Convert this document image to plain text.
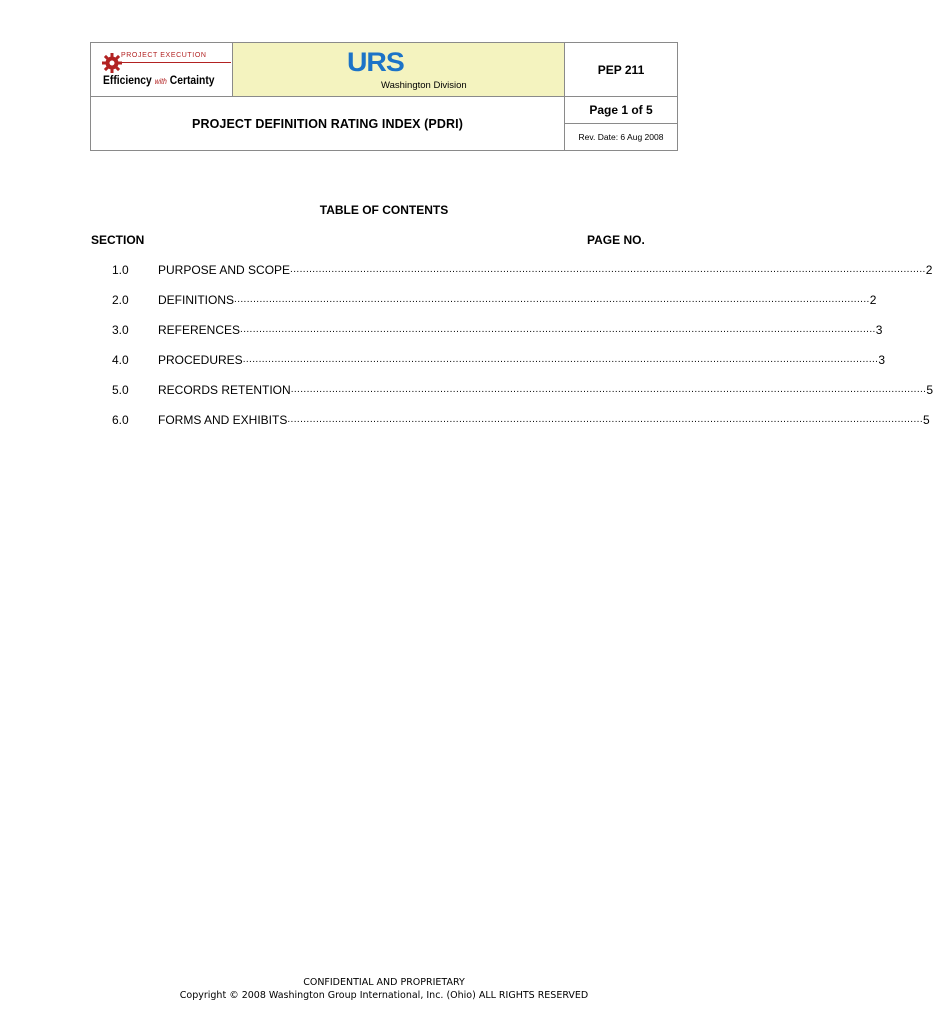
PROJECT EXECUTION
Efficiency with Certainty
URS
Washington Division
PEP 211
PROJECT DEFINITION RATING INDEX (PDRI)
Page 1 of 5
Rev. Date: 6 Aug 2008
TABLE OF CONTENTS
SECTION	PAGE NO.
1.0 PURPOSE AND SCOPE ........................................................................................................................................................................................................ 2
2.0 DEFINITIONS ........................................................................................................................................................................................................ 2
3.0 REFERENCES ........................................................................................................................................................................................................ 3
4.0 PROCEDURES ........................................................................................................................................................................................................ 3
5.0 RECORDS RETENTION ........................................................................................................................................................................................................ 5
6.0 FORMS AND EXHIBITS ........................................................................................................................................................................................................ 5
CONFIDENTIAL AND PROPRIETARY
Copyright © 2008 Washington Group International, Inc. (Ohio) ALL RIGHTS RESERVED
